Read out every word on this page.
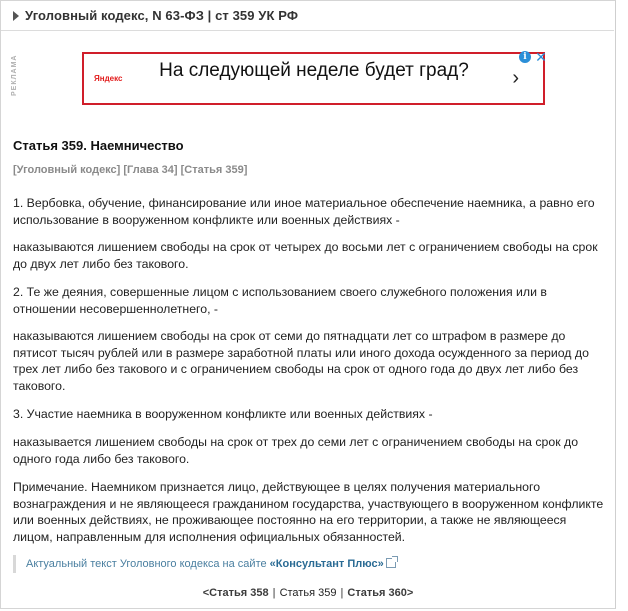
Уголовный кодекс, N 63-ФЗ | ст 359 УК РФ
РЕКЛАМА	Яндекс	На следующей неделе будет град?	›
i ✕
Статья 359. Наемничество
[Уголовный кодекс] [Глава 34] [Статья 359]

1. Вербовка, обучение, финансирование или иное материальное обеспечение наемника, а равно его использование в вооруженном конфликте или военных действиях -

наказываются лишением свободы на срок от четырех до восьми лет с ограничением свободы на срок до двух лет либо без такового.

2. Те же деяния, совершенные лицом с использованием своего служебного положения или в отношении несовершеннолетнего, -

наказываются лишением свободы на срок от семи до пятнадцати лет со штрафом в размере до пятисот тысяч рублей или в размере заработной платы или иного дохода осужденного за период до трех лет либо без такового и с ограничением свободы на срок от одного года до двух лет либо без такового.

3. Участие наемника в вооруженном конфликте или военных действиях -

наказывается лишением свободы на срок от трех до семи лет с ограничением свободы на срок до одного года либо без такового.

Примечание. Наемником признается лицо, действующее в целях получения материального вознаграждения и не являющееся гражданином государства, участвующего в вооруженном конфликте или военных действиях, не проживающее постоянно на его территории, а также не являющееся лицом, направленным для исполнения официальных обязанностей.

Актуальный текст Уголовного кодекса на сайте «Консультант Плюс»
<Статья 358 | Статья 359 | Статья 360>
